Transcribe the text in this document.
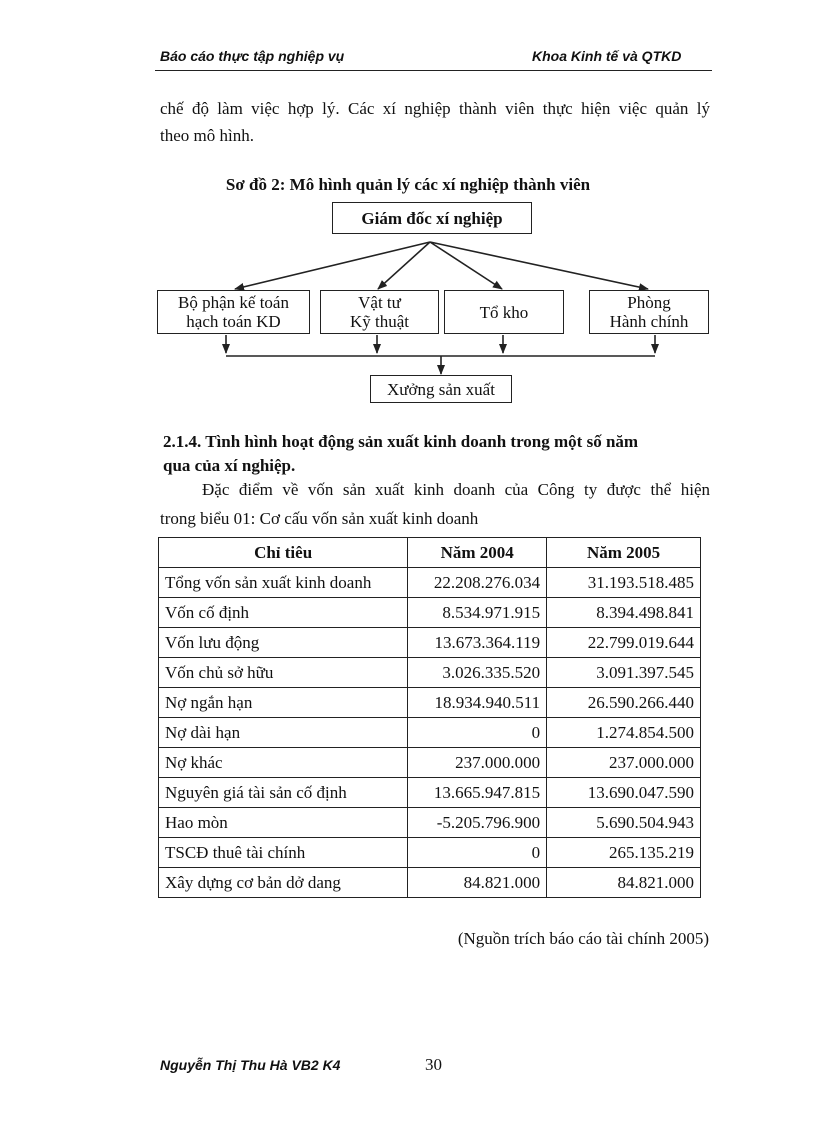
Báo cáo thực tập nghiệp vụ	Khoa Kinh tế và QTKD
chế độ làm việc hợp lý. Các xí nghiệp thành viên thực hiện việc quản lý
theo mô hình.
Sơ đồ 2: Mô hình quản lý các xí nghiệp thành viên
Giám đốc xí nghiệp
Bộ phận kế toán
hạch toán KD
Vật tư
Kỹ thuật	Tổ kho	Phòng
Hành chính
Xưởng sản xuất
2.1.4. Tình hình hoạt động sản xuất kinh doanh trong một số năm
qua của xí nghiệp.
Đặc điểm về vốn sản xuất kinh doanh của Công ty được thể hiện
trong biểu 01: Cơ cấu vốn sản xuất kinh doanh
Chỉ tiêu	Năm 2004	Năm 2005
Tổng vốn sản xuất kinh doanh	22.208.276.034	31.193.518.485
Vốn cố định	8.534.971.915	8.394.498.841
Vốn lưu động	13.673.364.119	22.799.019.644
Vốn chủ sở hữu	3.026.335.520	3.091.397.545
Nợ ngắn hạn	18.934.940.511	26.590.266.440
Nợ dài hạn	0	1.274.854.500
Nợ khác	237.000.000	237.000.000
Nguyên giá tài sản cố định	13.665.947.815	13.690.047.590
Hao mòn	-5.205.796.900	5.690.504.943
TSCĐ thuê tài chính	0	265.135.219
Xây dựng cơ bản dở dang	84.821.000	84.821.000
(Nguồn trích báo cáo tài chính 2005)
Nguyễn Thị Thu Hà VB2 K4	30
